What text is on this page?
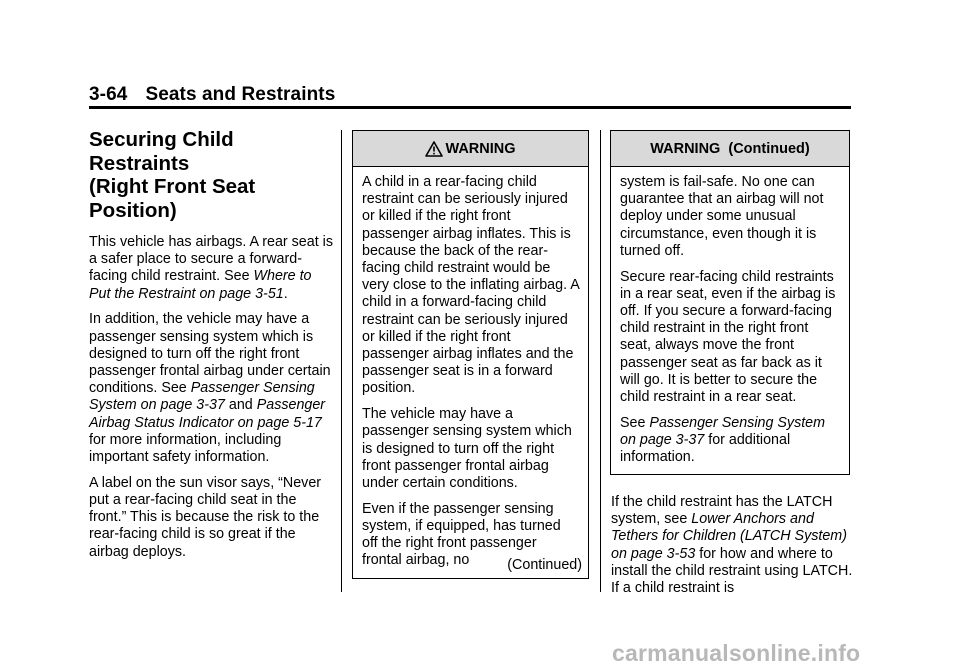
3-64 Seats and Restraints
Securing Child Restraints
(Right Front Seat
Position)

This vehicle has airbags. A rear seat is a safer place to secure a forward-facing child restraint. See Where to Put the Restraint on page 3-51.

In addition, the vehicle may have a passenger sensing system which is designed to turn off the right front passenger frontal airbag under certain conditions. See Passenger Sensing System on page 3-37 and Passenger Airbag Status Indicator on page 5-17 for more information, including important safety information.

A label on the sun visor says, “Never put a rear-facing child seat in the front.” This is because the risk to the rear-facing child is so great if the airbag deploys.

WARNING

A child in a rear-facing child restraint can be seriously injured or killed if the right front passenger airbag inflates. This is because the back of the rear-facing child restraint would be very close to the inflating airbag. A child in a forward-facing child restraint can be seriously injured or killed if the right front passenger airbag inflates and the passenger seat is in a forward position.

The vehicle may have a passenger sensing system which is designed to turn off the right front passenger frontal airbag under certain conditions.

Even if the passenger sensing system, if equipped, has turned off the right front passenger frontal airbag, no	(Continued)
WARNING  (Continued)

system is fail-safe. No one can guarantee that an airbag will not deploy under some unusual circumstance, even though it is turned off.

Secure rear-facing child restraints in a rear seat, even if the airbag is off. If you secure a forward-facing child restraint in the right front seat, always move the front passenger seat as far back as it will go. It is better to secure the child restraint in a rear seat.

See Passenger Sensing System on page 3-37 for additional information.

If the child restraint has the LATCH system, see Lower Anchors and Tethers for Children (LATCH System) on page 3-53 for how and where to install the child restraint using LATCH. If a child restraint is

carmanualsonline.info
